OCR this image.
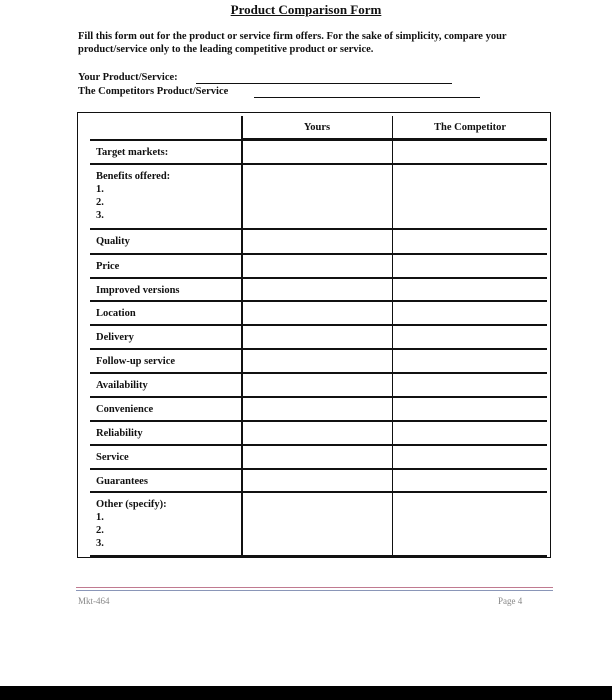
Product Comparison Form
Fill this form out for the product or service firm offers. For the sake of simplicity, compare your product/service only to the leading competitive product or service.
Your Product/Service:
The Competitors Product/Service
Yours	The Competitor
Target markets:
Benefits offered:
1.
2.
3.
Quality
Price
Improved versions
Location
Delivery
Follow-up service
Availability
Convenience
Reliability
Service
Guarantees
Other (specify):
1.
2.
3.
Mkt-464	Page 4
